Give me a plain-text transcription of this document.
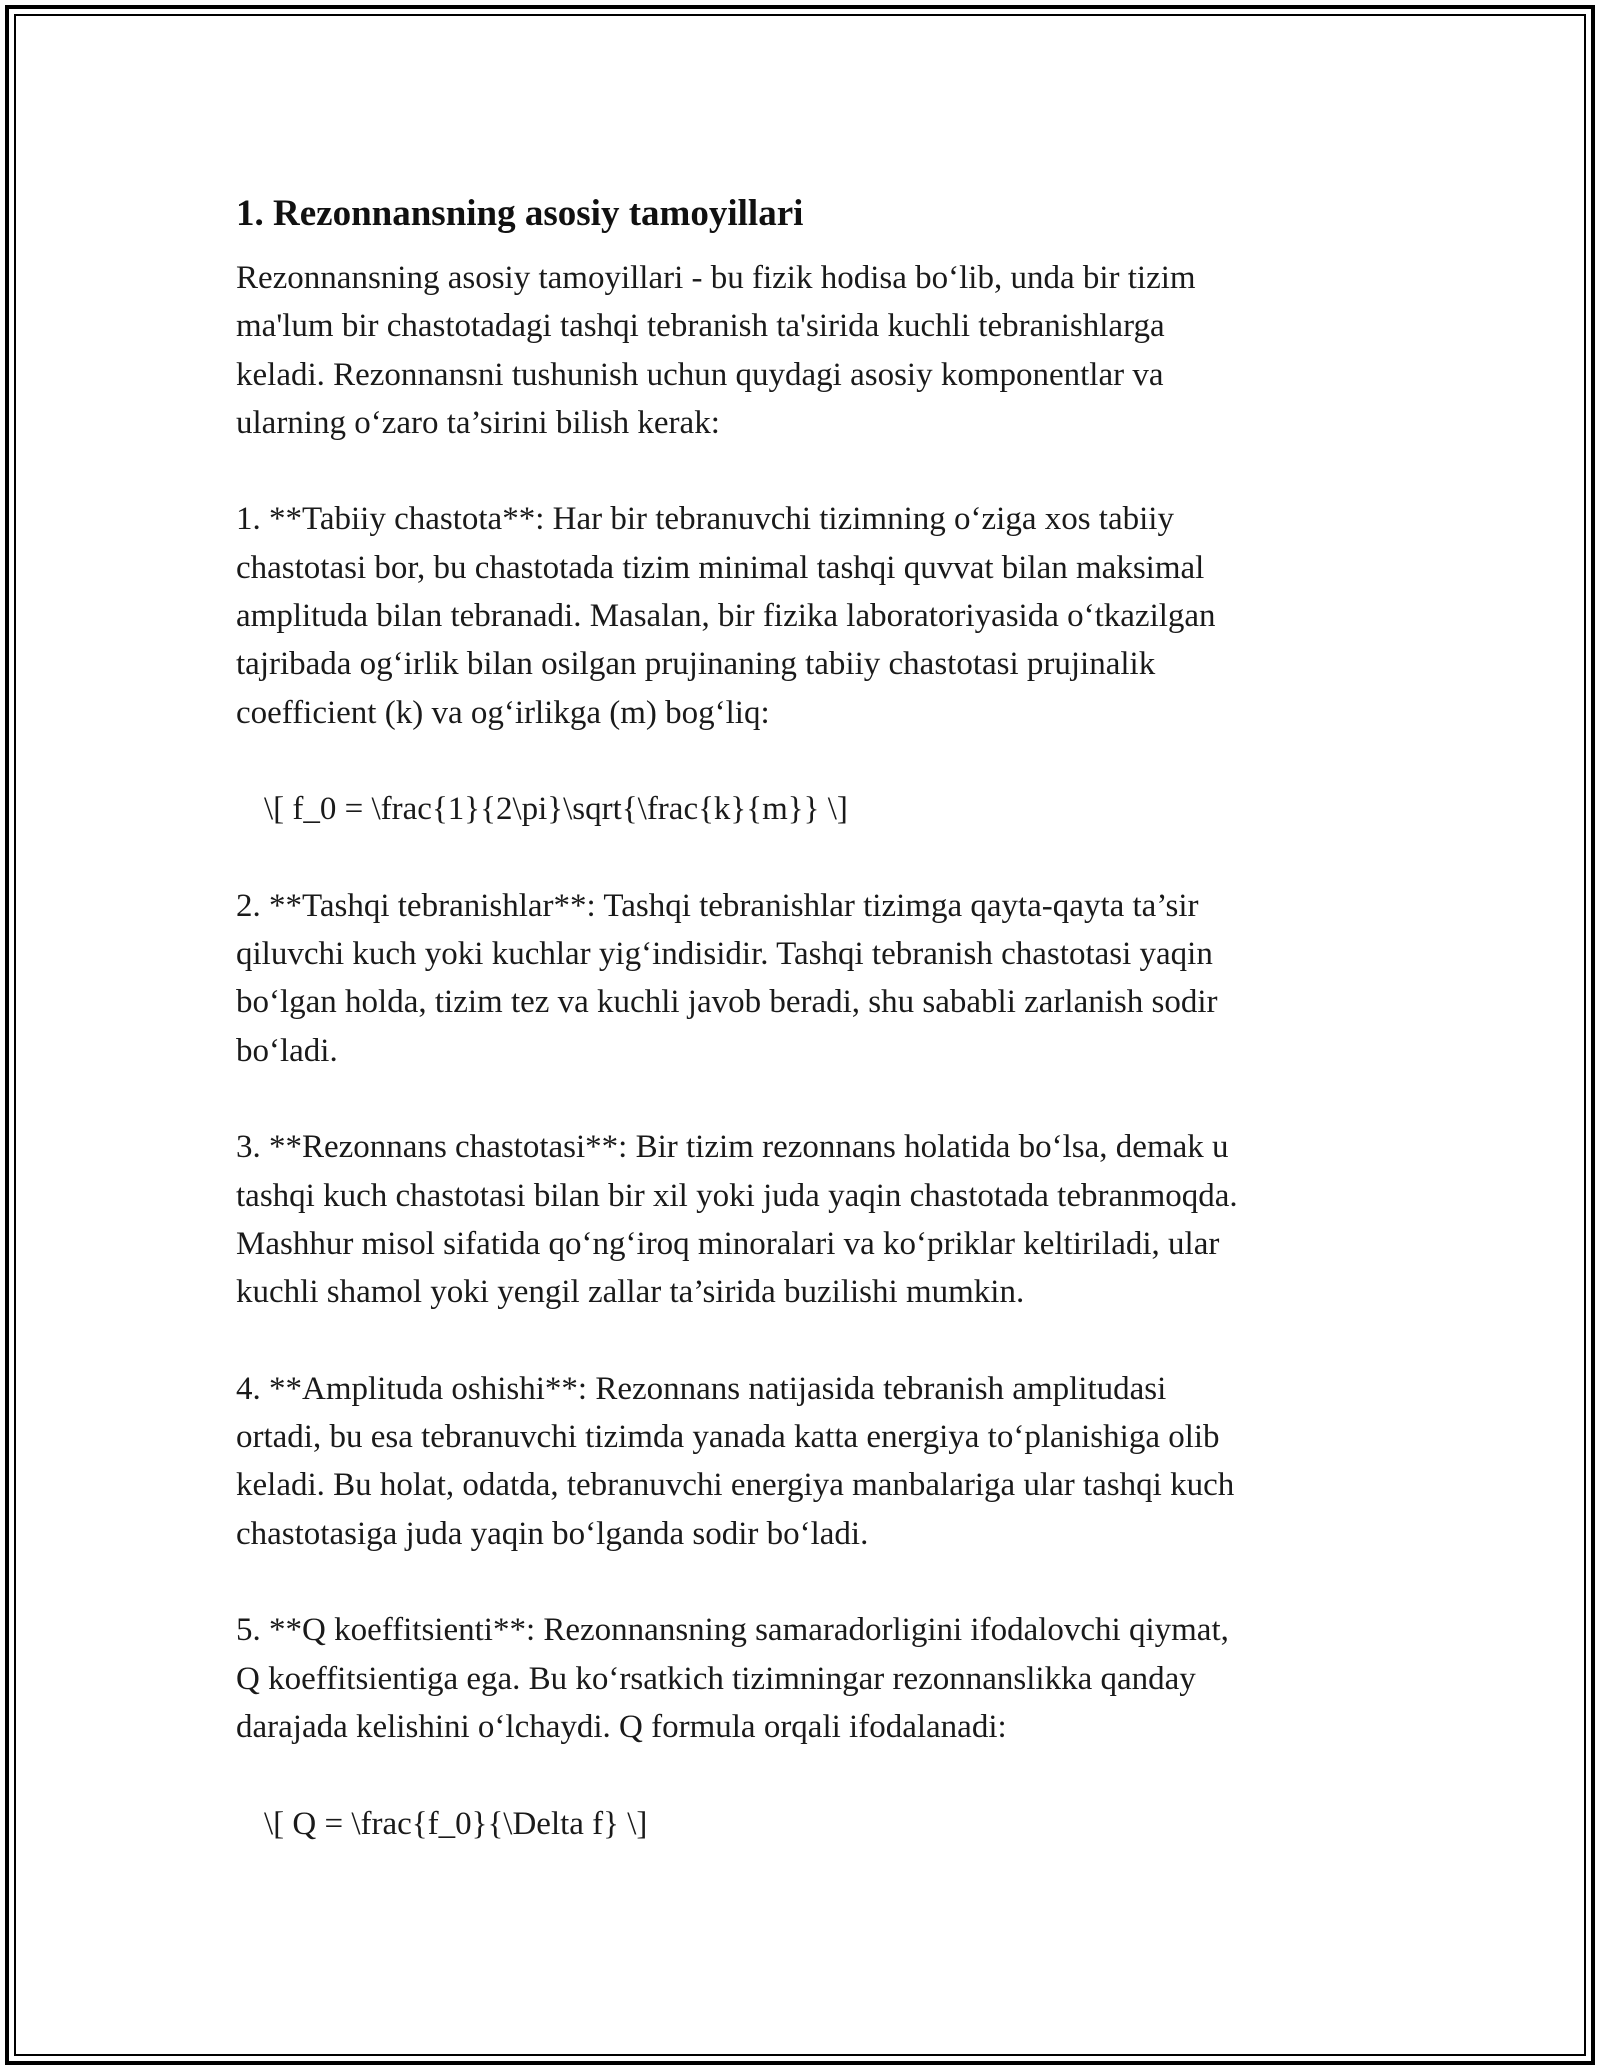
1. Rezonnansning asosiy tamoyillari

Rezonnansning asosiy tamoyillari - bu fizik hodisa bo‘lib, unda bir tizim
ma'lum bir chastotadagi tashqi tebranish ta'sirida kuchli tebranishlarga
keladi. Rezonnansni tushunish uchun quydagi asosiy komponentlar va
ularning o‘zaro ta’sirini bilish kerak:

1. **Tabiiy chastota**: Har bir tebranuvchi tizimning o‘ziga xos tabiiy
chastotasi bor, bu chastotada tizim minimal tashqi quvvat bilan maksimal
amplituda bilan tebranadi. Masalan, bir fizika laboratoriyasida o‘tkazilgan
tajribada og‘irlik bilan osilgan prujinaning tabiiy chastotasi prujinalik
coefficient (k) va og‘irlikga (m) bog‘liq:

\[ f_0 = \frac{1}{2\pi}\sqrt{\frac{k}{m}} \]

2. **Tashqi tebranishlar**: Tashqi tebranishlar tizimga qayta-qayta ta’sir
qiluvchi kuch yoki kuchlar yig‘indisidir. Tashqi tebranish chastotasi yaqin
bo‘lgan holda, tizim tez va kuchli javob beradi, shu sababli zarlanish sodir
bo‘ladi.

3. **Rezonnans chastotasi**: Bir tizim rezonnans holatida bo‘lsa, demak u
tashqi kuch chastotasi bilan bir xil yoki juda yaqin chastotada tebranmoqda.
Mashhur misol sifatida qo‘ng‘iroq minoralari va ko‘priklar keltiriladi, ular
kuchli shamol yoki yengil zallar ta’sirida buzilishi mumkin.

4. **Amplituda oshishi**: Rezonnans natijasida tebranish amplitudasi
ortadi, bu esa tebranuvchi tizimda yanada katta energiya to‘planishiga olib
keladi. Bu holat, odatda, tebranuvchi energiya manbalariga ular tashqi kuch
chastotasiga juda yaqin bo‘lganda sodir bo‘ladi.

5. **Q koeffitsienti**: Rezonnansning samaradorligini ifodalovchi qiymat,
Q koeffitsientiga ega. Bu ko‘rsatkich tizimningar rezonnanslikka qanday
darajada kelishini o‘lchaydi. Q formula orqali ifodalanadi:

\[ Q = \frac{f_0}{\Delta f} \]
